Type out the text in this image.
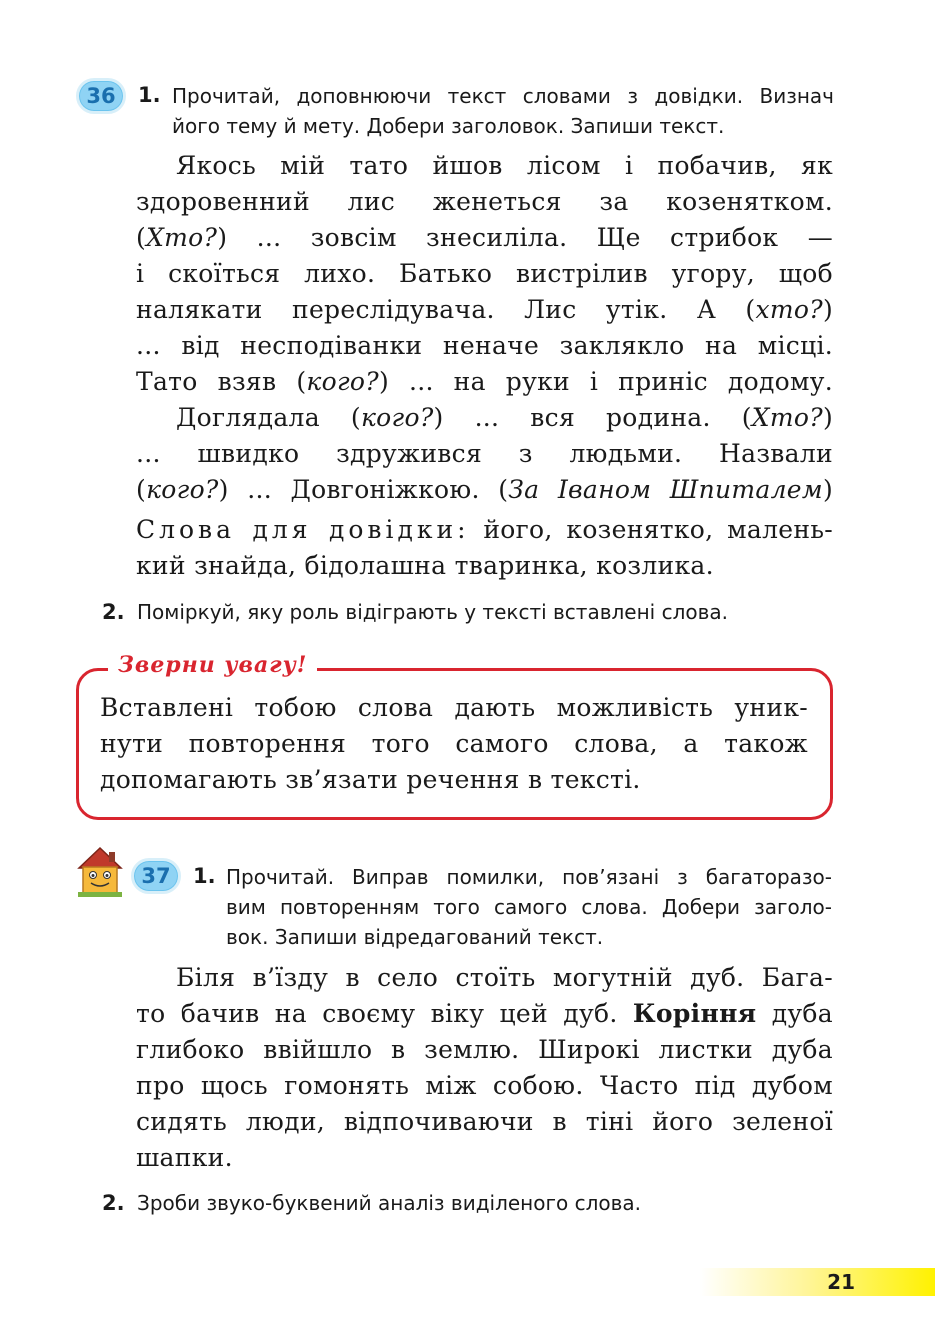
36 1. Прочитай, доповнюючи текст словами з довідки. Визнач
його тему й мету. Добери заголовок. Запиши текст.
Якось мій тато йшов лісом і побачив, як
здоровенний лис женеться за козенятком.
(Хто?) ... зовсім знесиліла. Ще стрибок —
і скоїться лихо. Батько вистрілив угору, щоб
налякати переслідувача. Лис утік. А (хто?)
... від несподіванки неначе заклякло на місці.
Тато взяв (кого?) ... на руки і приніс додому.
Доглядала (кого?) ... вся родина. (Хто?)
... швидко здружився з людьми. Назвали
(кого?) ... Довгоніжкою. (За Іваном Шпиталем)
Слова для довідки: його, козенятко, малень-
кий знайда, бідолашна тваринка, козлика.
2. Поміркуй, яку роль відіграють у тексті вставлені слова.
Зверни увагу!
Вставлені тобою слова дають можливість уник-
нути повторення того самого слова, а також
допомагають зв’язати речення в тексті.
37 1. Прочитай. Виправ помилки, пов’язані з багаторазо-
вим повторенням того самого слова. Добери заголо-
вок. Запиши відредагований текст.
Біля в’їзду в село стоїть могутній дуб. Бага-
то бачив на своєму віку цей дуб. Коріння дуба
глибоко ввійшло в землю. Широкі листки дуба
про щось гомонять між собою. Часто під дубом
сидять люди, відпочиваючи в тіні його зеленої
шапки.
2. Зроби звуко-буквений аналіз виділеного слова.
21
